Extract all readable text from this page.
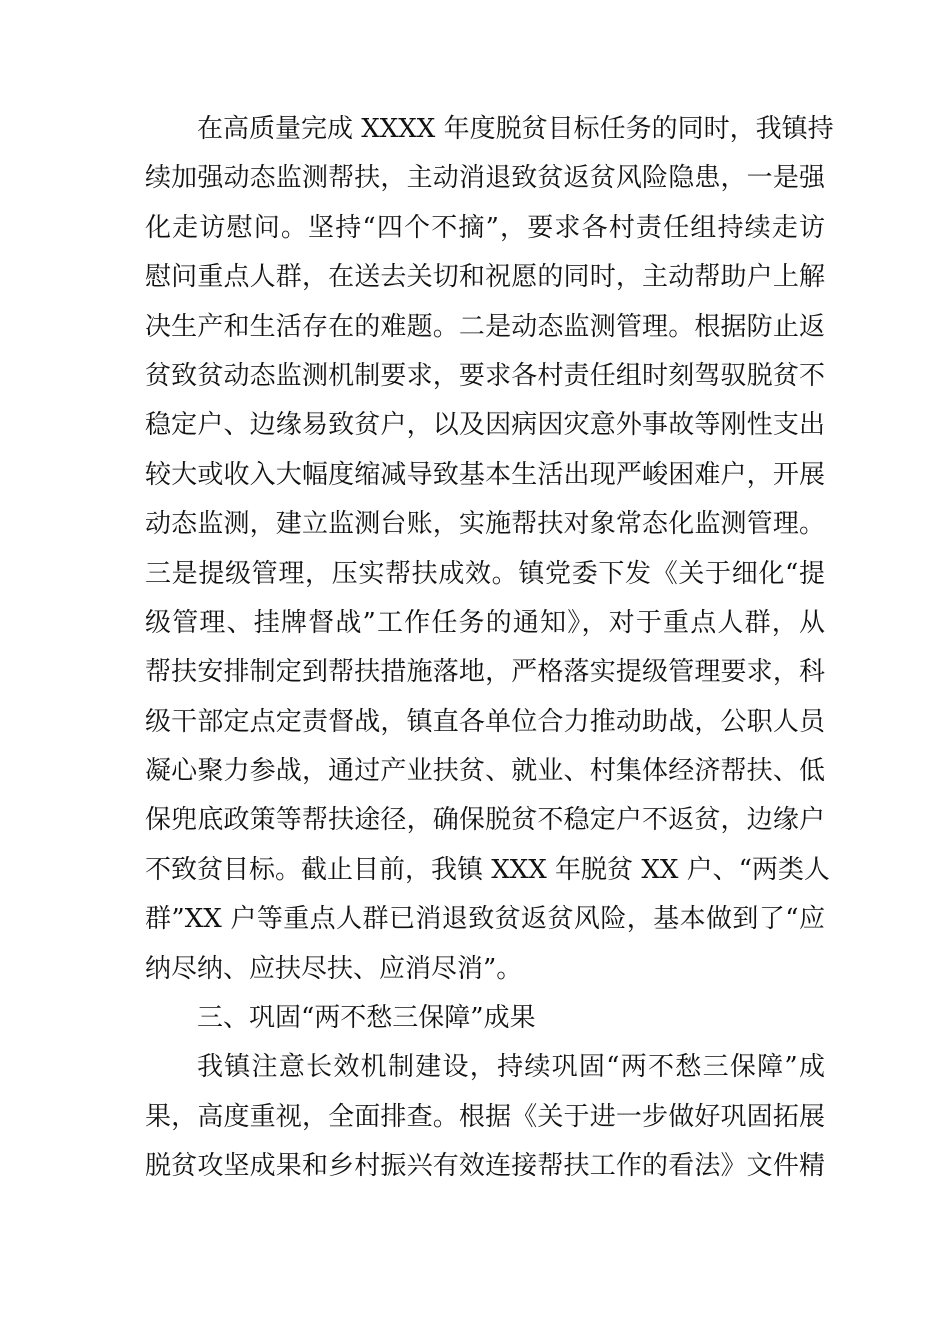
在高质量完成 XXXX 年度脱贫目标任务的同时，我镇持
续加强动态监测帮扶，主动消退致贫返贫风险隐患，一是强
化走访慰问。坚持“四个不摘”，要求各村责任组持续走访
慰问重点人群，在送去关切和祝愿的同时，主动帮助户上解
决生产和生活存在的难题。二是动态监测管理。根据防止返
贫致贫动态监测机制要求，要求各村责任组时刻驾驭脱贫不
稳定户、边缘易致贫户，以及因病因灾意外事故等刚性支出
较大或收入大幅度缩减导致基本生活出现严峻困难户，开展
动态监测，建立监测台账，实施帮扶对象常态化监测管理。
三是提级管理，压实帮扶成效。镇党委下发《关于细化“提
级管理、挂牌督战”工作任务的通知》，对于重点人群，从
帮扶安排制定到帮扶措施落地，严格落实提级管理要求，科
级干部定点定责督战，镇直各单位合力推动助战，公职人员
凝心聚力参战，通过产业扶贫、就业、村集体经济帮扶、低
保兜底政策等帮扶途径，确保脱贫不稳定户不返贫，边缘户
不致贫目标。截止目前，我镇 XXX 年脱贫 XX 户、“两类人
群”XX 户等重点人群已消退致贫返贫风险，基本做到了“应
纳尽纳、应扶尽扶、应消尽消”。
三、巩固“两不愁三保障”成果
我镇注意长效机制建设，持续巩固“两不愁三保障”成
果，高度重视，全面排查。根据《关于进一步做好巩固拓展
脱贫攻坚成果和乡村振兴有效连接帮扶工作的看法》文件精
